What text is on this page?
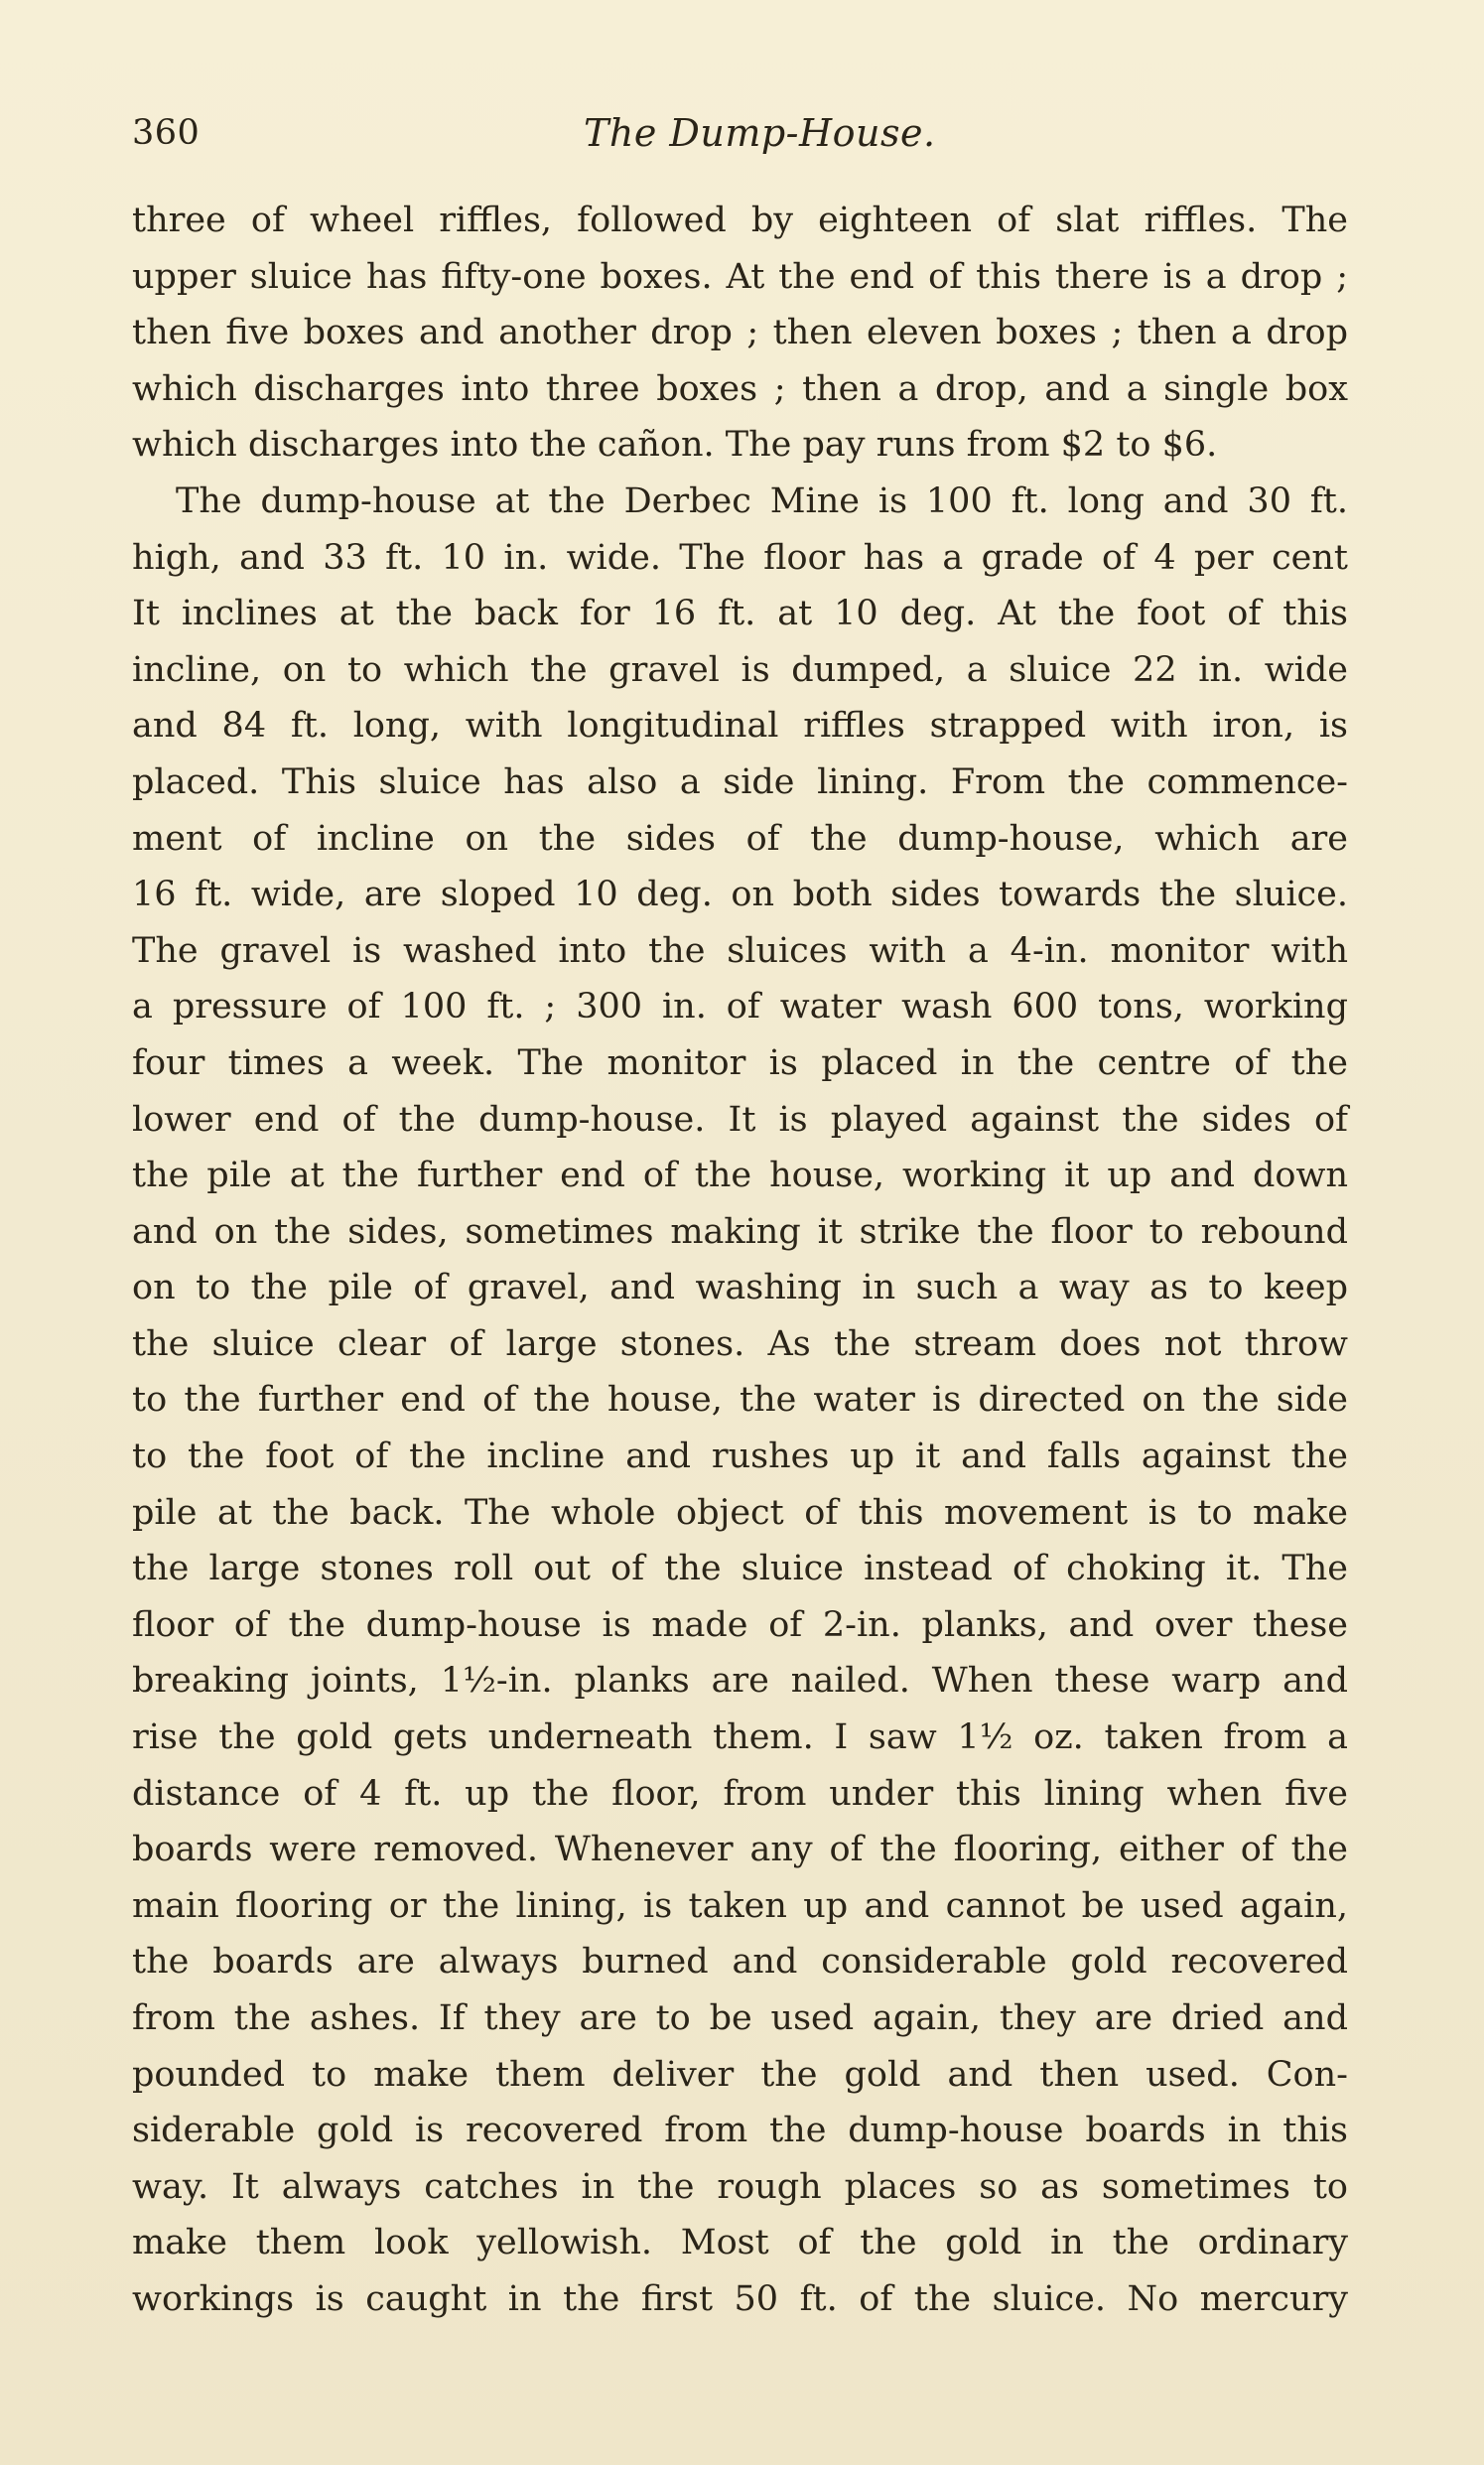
360	The Dump-House.
three of wheel riffles, followed by eighteen of slat riffles. The
upper sluice has fifty-one boxes. At the end of this there is a drop ;
then five boxes and another drop ; then eleven boxes ; then a drop
which discharges into three boxes ; then a drop, and a single box
which discharges into the cañon. The pay runs from $2 to $6.
The dump-house at the Derbec Mine is 100 ft. long and 30 ft.
high, and 33 ft. 10 in. wide. The floor has a grade of 4 per cent
It inclines at the back for 16 ft. at 10 deg. At the foot of this
incline, on to which the gravel is dumped, a sluice 22 in. wide
and 84 ft. long, with longitudinal riffles strapped with iron, is
placed. This sluice has also a side lining. From the commence-
ment of incline on the sides of the dump-house, which are
16 ft. wide, are sloped 10 deg. on both sides towards the sluice.
The gravel is washed into the sluices with a 4-in. monitor with
a pressure of 100 ft. ; 300 in. of water wash 600 tons, working
four times a week. The monitor is placed in the centre of the
lower end of the dump-house. It is played against the sides of
the pile at the further end of the house, working it up and down
and on the sides, sometimes making it strike the floor to rebound
on to the pile of gravel, and washing in such a way as to keep
the sluice clear of large stones. As the stream does not throw
to the further end of the house, the water is directed on the side
to the foot of the incline and rushes up it and falls against the
pile at the back. The whole object of this movement is to make
the large stones roll out of the sluice instead of choking it. The
floor of the dump-house is made of 2-in. planks, and over these
breaking joints, 1½-in. planks are nailed. When these warp and
rise the gold gets underneath them. I saw 1½ oz. taken from a
distance of 4 ft. up the floor, from under this lining when five
boards were removed. Whenever any of the flooring, either of the
main flooring or the lining, is taken up and cannot be used again,
the boards are always burned and considerable gold recovered
from the ashes. If they are to be used again, they are dried and
pounded to make them deliver the gold and then used. Con-
siderable gold is recovered from the dump-house boards in this
way. It always catches in the rough places so as sometimes to
make them look yellowish. Most of the gold in the ordinary
workings is caught in the first 50 ft. of the sluice. No mercury
